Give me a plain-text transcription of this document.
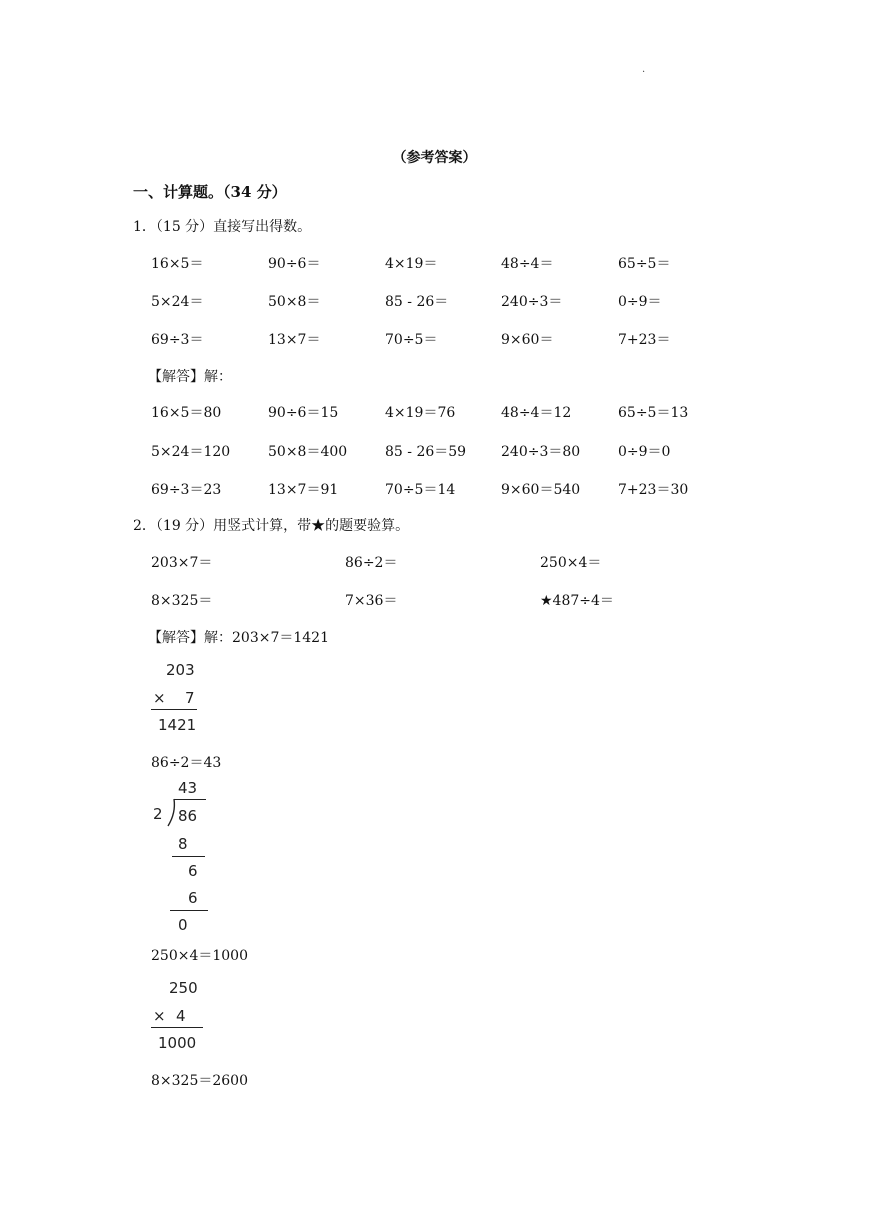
.
（参考答案）
一、计算题。（34 分）
1．（15 分）直接写出得数。
16×5＝	90÷6＝	4×19＝	48÷4＝	65÷5＝
5×24＝	50×8＝	85 - 26＝	240÷3＝	0÷9＝
69÷3＝	13×7＝	70÷5＝	9×60＝	7+23＝
【解答】解：
16×5＝80	90÷6＝15	4×19＝76	48÷4＝12	65÷5＝13
5×24＝120	50×8＝400	85 - 26＝59 240÷3＝80	0÷9＝0
69÷3＝23	13×7＝91	70÷5＝14	9×60＝540	7+23＝30
2．（19 分）用竖式计算，带★的题要验算。
203×7＝	86÷2＝	250×4＝
8×325＝	7×36＝	★487÷4＝
【解答】解：203×7＝1421
203
× 7
1421
86÷2＝43
43
2 86
8
6
6
0
250×4＝1000
250
× 4
1000
8×325＝2600
